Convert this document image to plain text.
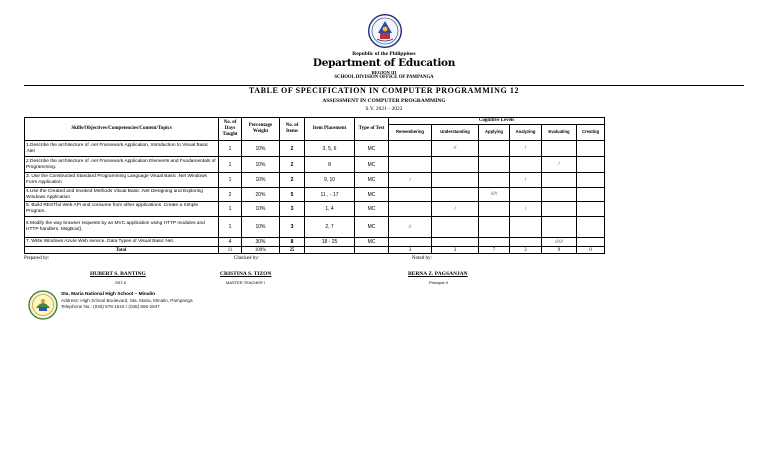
Republic of the Philippines
Department of Education
REGION III
SCHOOL DIVISION OFFICE OF PAMPANGA
TABLE OF SPECIFICATION IN COMPUTER PROGRAMMING 12
ASSESSMENT IN COMPUTER PROGRAMMING
S.Y. 2021 - 2022
Skills/Objectives/Competencies/Content/Topics	No. of Days Taught	Percentage Weight	No. of Items	Item Placement	Type of Test	Cognitive Levels					
						Remembering	Understanding	Applying	Analyzing	Evaluating	Creating
1.Describe the architecture of .net Framework Application, Introduction to Visual Basic .Net	1	10%	2	3, 5, 6	MC		//		/		
2.Describe the architecture of .net Framework Application Elements and Fundamentals of Programming.	1	10%	2	8	MC					/	
3. Use the Constructed Standard Programming Language Visual Basic .Net Windows Form Application	1	10%	2	9, 10	MC	/			/		
4.Use the Created and Invoked Methods Visual Basic .Net Designing and Exploring Windows Application	2	20%	5	11 , - 17	MC			/////			
5. Build RESTful Web API and consume from other applications .Create a Simple Program.	1	10%	3	1, 4	MC		/		/		
6.Modify the way browser requests by an MVC application using HTTP modules and HTTP handlers. MsgBox().	1	10%	3	2, 7	MC	//					
7. Write Windows Azure Web service. Data Types of Visual Basic Net.	4	30%	8	18 - 25	MC					//////	
Total	11	100%	25			3	3	7	3	9	0
Prepared by:	Checked by:	Noted by:
HUBERT S. BANTING
SST-II
CRISTINA S. TIZON
MASTER TEACHER I
BERNA Z. PAGSANJAN
Principal II
Sta. Maria National High School – Minalin
Address: High School Boulevard, Sta. Maria, Minalin, Pampanga
Telephone No.: (045) 878-1516 / (045) 865-2847
